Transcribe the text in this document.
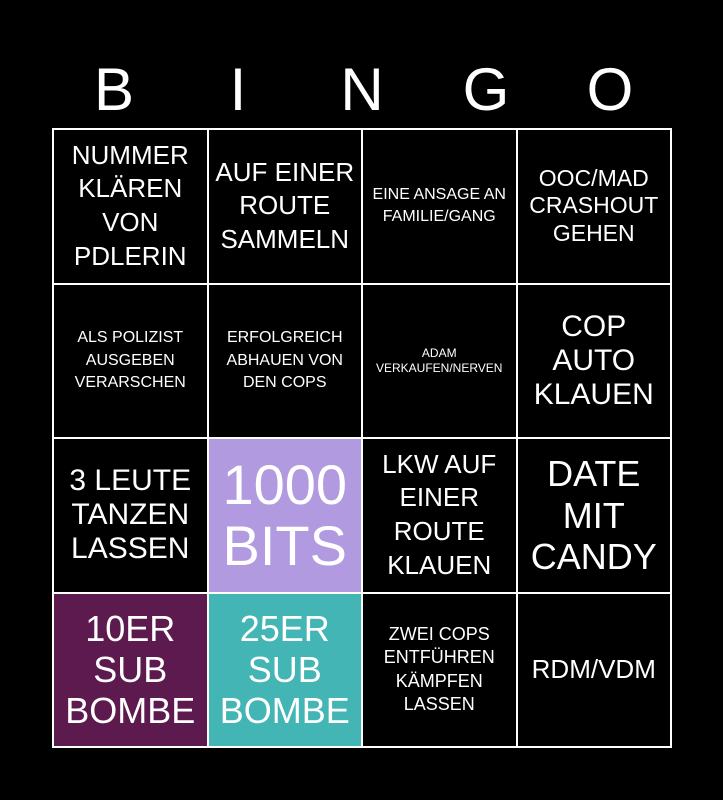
B	I	N	G	O
NUMMER KLÄREN VON PDLERIN
AUF EINER ROUTE SAMMELN
EINE ANSAGE AN FAMILIE/GANG
OOC/MAD CRASHOUT GEHEN
ALS POLIZIST AUSGEBEN VERARSCHEN
ERFOLGREICH ABHAUEN VON DEN COPS
ADAM VERKAUFEN/NERVEN
COP AUTO KLAUEN
3 LEUTE TANZEN LASSEN
1000 BITS
LKW AUF EINER ROUTE KLAUEN
DATE MIT CANDY
10ER SUB BOMBE
25ER SUB BOMBE
ZWEI COPS ENTFÜHREN KÄMPFEN LASSEN
RDM/VDM
